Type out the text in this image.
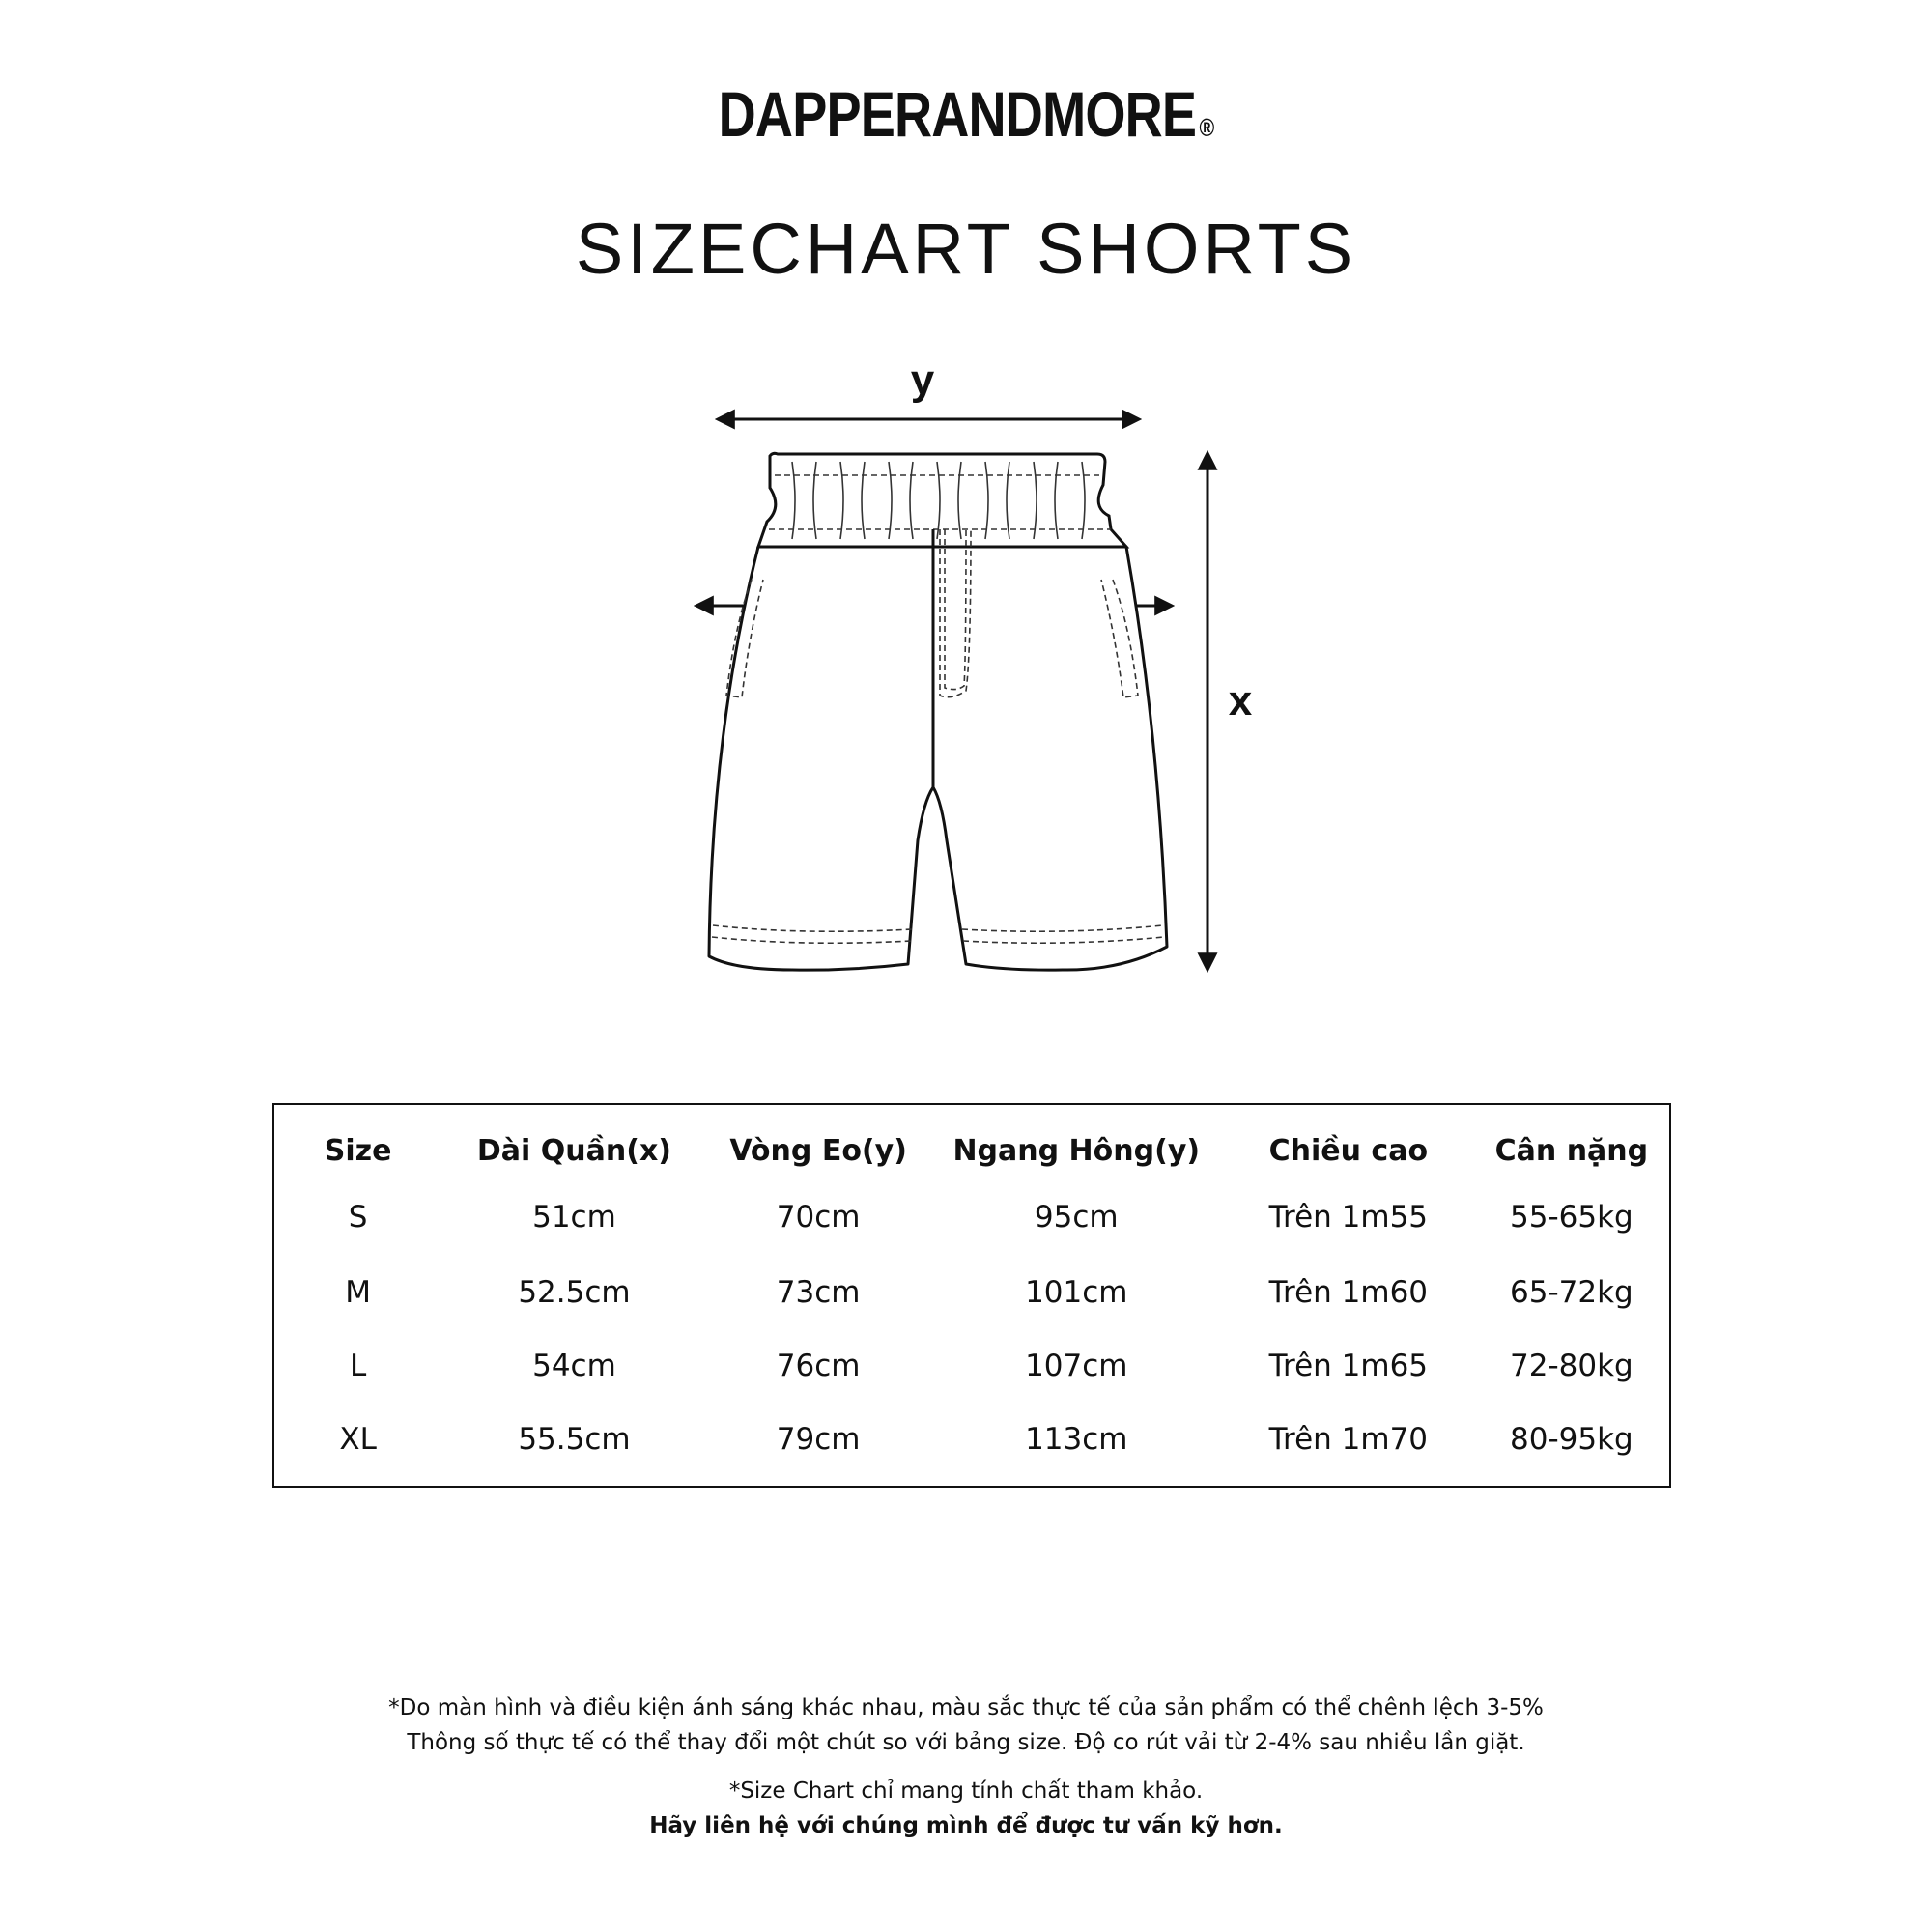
DAPPERANDMORE ®
SIZECHART SHORTS
y
x
Size	Dài Quần(x)	Vòng Eo(y)	Ngang Hông(y)	Chiều cao	Cân nặng
S	51cm	70cm	95cm	Trên 1m55	55-65kg
M	52.5cm	73cm	101cm	Trên 1m60	65-72kg
L	54cm	76cm	107cm	Trên 1m65	72-80kg
XL	55.5cm	79cm	113cm	Trên 1m70	80-95kg

*Do màn hình và điều kiện ánh sáng khác nhau, màu sắc thực tế của sản phẩm có thể chênh lệch 3-5%

Thông số thực tế có thể thay đổi một chút so với bảng size. Độ co rút vải từ 2-4% sau nhiều lần giặt.

*Size Chart chỉ mang tính chất tham khảo.

Hãy liên hệ với chúng mình để được tư vấn kỹ hơn.
